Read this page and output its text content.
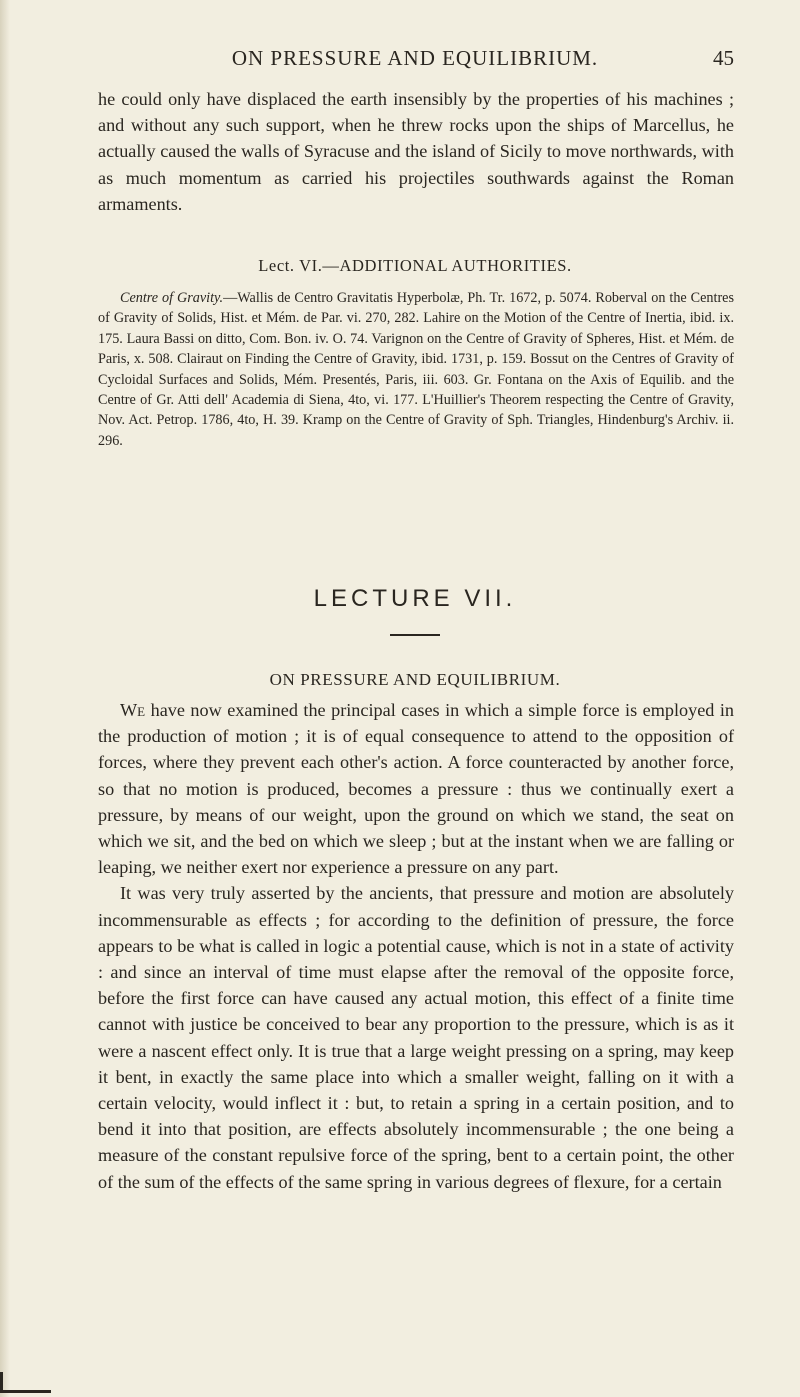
ON PRESSURE AND EQUILIBRIUM.	45

he could only have displaced the earth insensibly by the properties of his machines ; and without any such support, when he threw rocks upon the ships of Marcellus, he actually caused the walls of Syracuse and the island of Sicily to move northwards, with as much momentum as carried his projectiles southwards against the Roman armaments.

Lect. VI.—ADDITIONAL AUTHORITIES.

Centre of Gravity.—Wallis de Centro Gravitatis Hyperbolæ, Ph. Tr. 1672, p. 5074. Roberval on the Centres of Gravity of Solids, Hist. et Mém. de Par. vi. 270, 282. Lahire on the Motion of the Centre of Inertia, ibid. ix. 175. Laura Bassi on ditto, Com. Bon. iv. O. 74. Varignon on the Centre of Gravity of Spheres, Hist. et Mém. de Paris, x. 508. Clairaut on Finding the Centre of Gravity, ibid. 1731, p. 159. Bossut on the Centres of Gravity of Cycloidal Surfaces and Solids, Mém. Presentés, Paris, iii. 603. Gr. Fontana on the Axis of Equilib. and the Centre of Gr. Atti dell' Academia di Siena, 4to, vi. 177. L'Huillier's Theorem respecting the Centre of Gravity, Nov. Act. Petrop. 1786, 4to, H. 39. Kramp on the Centre of Gravity of Sph. Triangles, Hindenburg's Archiv. ii. 296.

LECTURE VII.
ON PRESSURE AND EQUILIBRIUM.

We have now examined the principal cases in which a simple force is employed in the production of motion ; it is of equal consequence to attend to the opposition of forces, where they prevent each other's action. A force counteracted by another force, so that no motion is produced, becomes a pressure : thus we continually exert a pressure, by means of our weight, upon the ground on which we stand, the seat on which we sit, and the bed on which we sleep ; but at the instant when we are falling or leaping, we neither exert nor experience a pressure on any part.

It was very truly asserted by the ancients, that pressure and motion are absolutely incommensurable as effects ; for according to the definition of pressure, the force appears to be what is called in logic a potential cause, which is not in a state of activity : and since an interval of time must elapse after the removal of the opposite force, before the first force can have caused any actual motion, this effect of a finite time cannot with justice be conceived to bear any proportion to the pressure, which is as it were a nascent effect only. It is true that a large weight pressing on a spring, may keep it bent, in exactly the same place into which a smaller weight, falling on it with a certain velocity, would inflect it : but, to retain a spring in a certain position, and to bend it into that position, are effects absolutely incommensurable ; the one being a measure of the constant repulsive force of the spring, bent to a certain point, the other of the sum of the effects of the same spring in various degrees of flexure, for a certain
